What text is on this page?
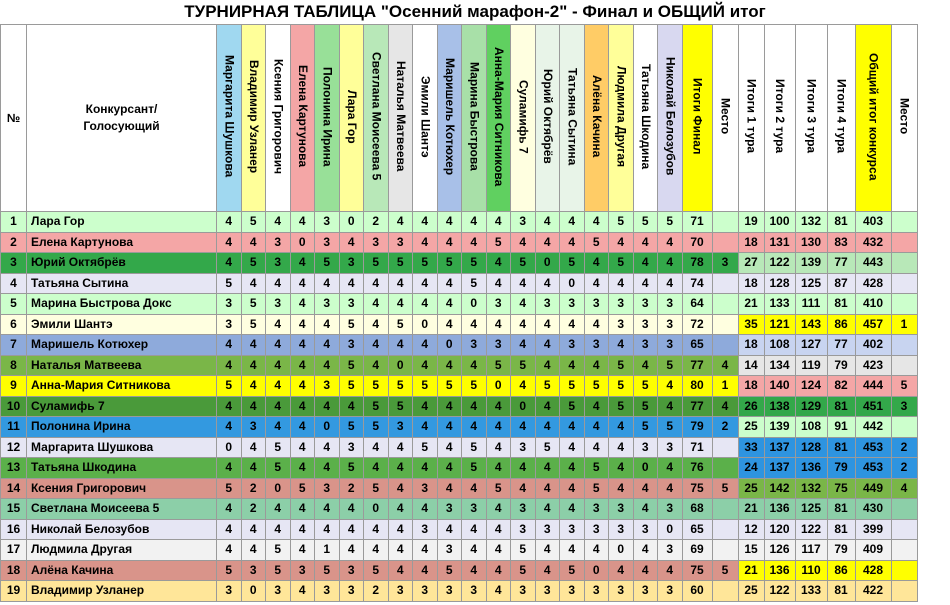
ТУРНИРНАЯ ТАБЛИЦА "Осенний марафон-2" - Финал и ОБЩИЙ итог
№	Конкурсант/ Голосующий	Маргарита Шушкова	Владимир Узланер	Ксения Григорович	Елена Картунова	Полонина Ирина	Лара Гор	Светлана Моисеева 5	Наталья Матвеева	Эмили Шантэ	Маришель Котюхер	Марина Быстрова	Анна-Мария Ситникова	Суламифь 7	Юрий Октябрёв	Татьяна Сытина	Алёна Качина	Людмила Другая	Татьяна Шкодина	Николай Белозубов	Итоги Финал	Место	Итоги 1 тура	Итоги 2 тура	Итоги 3 тура	Итоги 4 тура	Общий итог конкурса	Место
1	Лара Гор	4	5	4	4	3	0	2	4	4	4	4	4	3	4	4	4	5	5	5	71		19	100	132	81	403	
2	Елена Картунова	4	4	3	0	3	4	3	3	4	4	4	5	4	4	4	5	4	4	4	70		18	131	130	83	432	
3	Юрий Октябрёв	4	5	3	4	5	3	5	5	5	5	5	4	5	0	5	4	5	4	4	78	3	27	122	139	77	443	
4	Татьяна Сытина	5	4	4	4	4	4	4	4	4	4	5	4	4	4	0	4	4	4	4	74		18	128	125	87	428	
5	Марина Быстрова Докс	3	5	3	4	3	3	4	4	4	4	0	3	4	3	3	3	3	3	3	64		21	133	111	81	410	
6	Эмили Шантэ	3	5	4	4	4	5	4	5	0	4	4	4	4	4	4	4	3	3	3	72		35	121	143	86	457	1
7	Маришель Котюхер	4	4	4	4	4	3	4	4	4	0	3	3	4	4	3	3	4	3	3	65		18	108	127	77	402	
8	Наталья Матвеева	4	4	4	4	4	5	4	0	4	4	4	5	5	4	4	4	5	4	5	77	4	14	134	119	79	423	
9	Анна-Мария Ситникова	5	4	4	4	3	5	5	5	5	5	5	0	4	5	5	5	5	5	4	80	1	18	140	124	82	444	5
10	Суламифь 7	4	4	4	4	4	4	5	5	4	4	4	4	0	4	5	4	5	5	4	77	4	26	138	129	81	451	3
11	Полонина Ирина	4	3	4	4	0	5	5	3	4	4	4	4	4	4	4	4	4	5	5	79	2	25	139	108	91	442	
12	Маргарита Шушкова	0	4	5	4	4	3	4	4	5	4	5	4	3	5	4	4	4	3	3	71		33	137	128	81	453	2
13	Татьяна Шкодина	4	4	5	4	4	5	4	4	4	4	5	4	4	4	4	5	4	0	4	76		24	137	136	79	453	2
14	Ксения Григорович	5	2	0	5	3	2	5	4	3	4	4	5	4	4	4	5	4	4	4	75	5	25	142	132	75	449	4
15	Светлана Моисеева 5	4	2	4	4	4	4	0	4	4	3	3	4	3	4	4	3	3	4	3	68		21	136	125	81	430	
16	Николай Белозубов	4	4	4	4	4	4	4	4	3	4	4	4	3	3	3	3	3	3	0	65		12	120	122	81	399	
17	Людмила Другая	4	4	5	4	1	4	4	4	4	3	4	4	5	4	4	4	0	4	3	69		15	126	117	79	409	
18	Алёна Качина	5	3	5	3	5	3	5	4	4	5	4	4	5	4	5	0	4	4	4	75	5	21	136	110	86	428	
19	Владимир Узланер	3	0	3	4	3	3	2	3	3	3	3	4	3	3	3	3	3	3	3	60		25	122	133	81	422	
